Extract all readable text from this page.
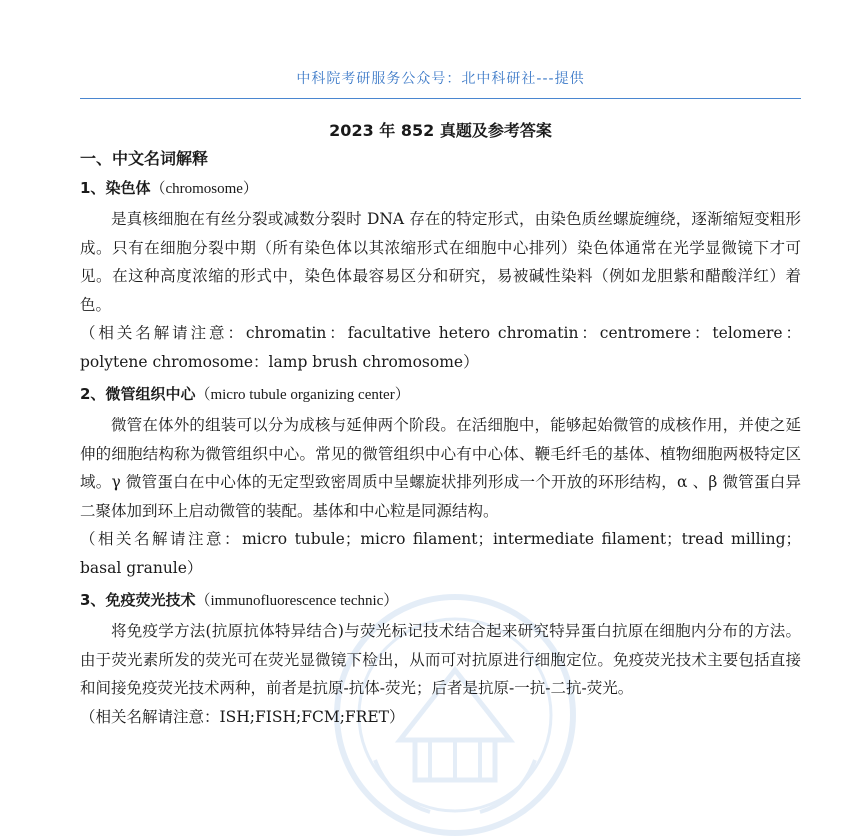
中科院考研服务公众号：北中科研社---提供
2023 年 852 真题及参考答案
一、中文名词解释

1、染色体（chromosome）

是真核细胞在有丝分裂或减数分裂时 DNA 存在的特定形式，由染色质丝螺旋缠绕，逐渐缩短变粗形成。只有在细胞分裂中期（所有染色体以其浓缩形式在细胞中心排列）染色体通常在光学显微镜下才可见。在这种高度浓缩的形式中，染色体最容易区分和研究，易被碱性染料（例如龙胆紫和醋酸洋红）着色。

（相关名解请注意：chromatin：facultative hetero chromatin：centromere：telomere：polytene chromosome：lamp brush chromosome）

2、微管组织中心（micro tubule organizing center）

微管在体外的组装可以分为成核与延伸两个阶段。在活细胞中，能够起始微管的成核作用，并使之延伸的细胞结构称为微管组织中心。常见的微管组织中心有中心体、鞭毛纤毛的基体、植物细胞两极特定区域。γ 微管蛋白在中心体的无定型致密周质中呈螺旋状排列形成一个开放的环形结构，α 、β 微管蛋白异二聚体加到环上启动微管的装配。基体和中心粒是同源结构。

（相关名解请注意：micro tubule；micro filament；intermediate filament；tread milling；basal granule）

3、免疫荧光技术（immunofluorescence technic）

将免疫学方法(抗原抗体特异结合)与荧光标记技术结合起来研究特异蛋白抗原在细胞内分布的方法。由于荧光素所发的荧光可在荧光显微镜下检出，从而可对抗原进行细胞定位。免疫荧光技术主要包括直接和间接免疫荧光技术两种，前者是抗原-抗体-荧光；后者是抗原-一抗-二抗-荧光。

（相关名解请注意：ISH;FISH;FCM;FRET）
